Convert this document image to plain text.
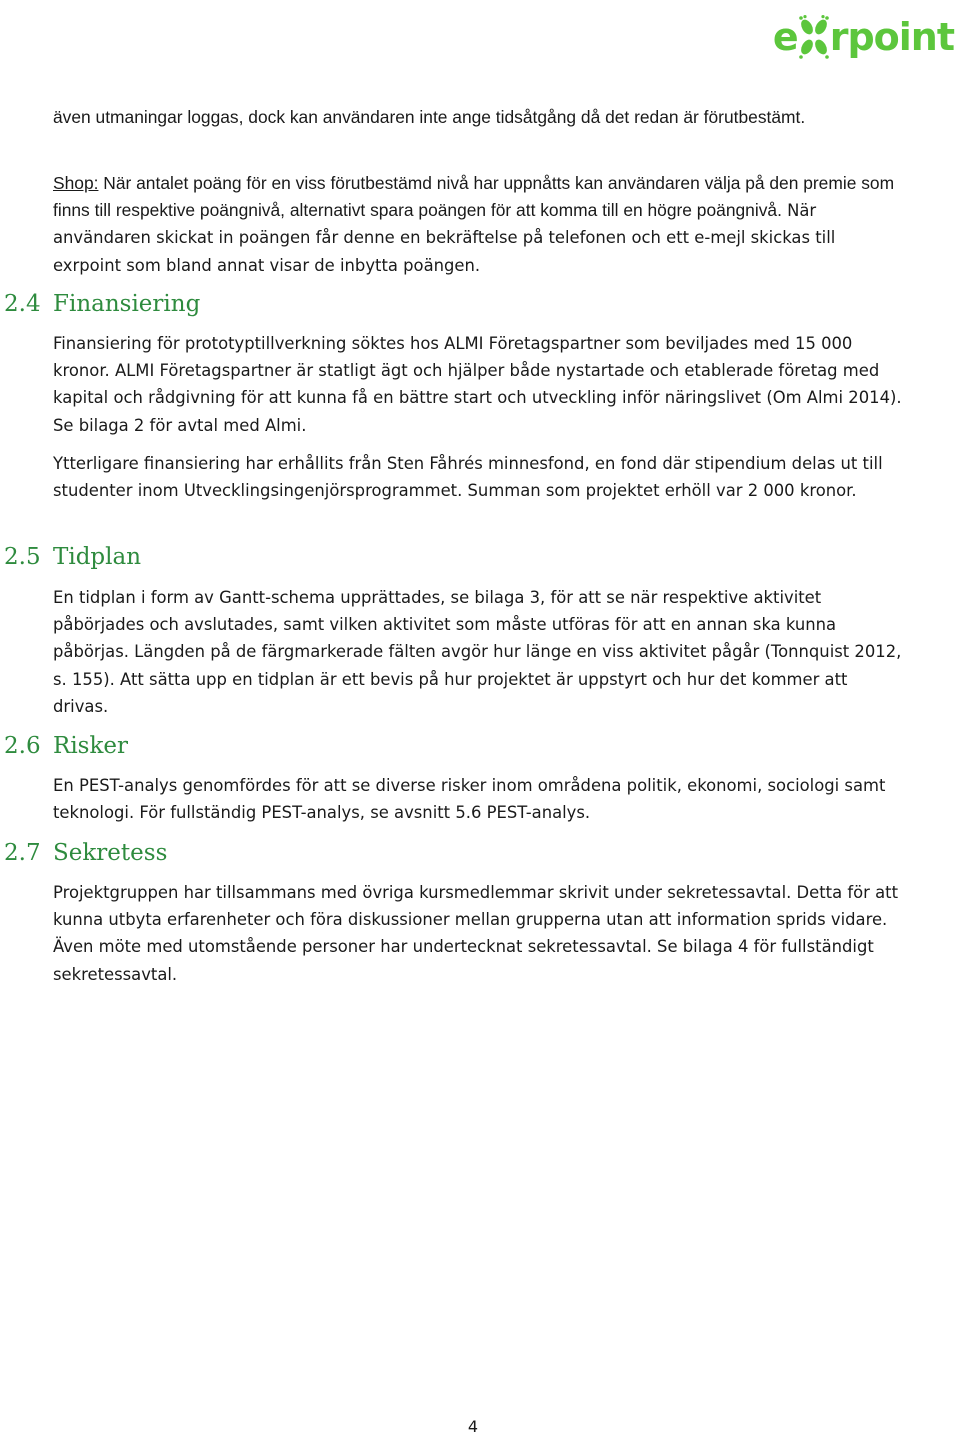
e rpoint

även utmaningar loggas, dock kan användaren inte ange tidsåtgång då det redan är förutbestämt.

Shop: När antalet poäng för en viss förutbestämd nivå har uppnåtts kan användaren välja på den premie som finns till respektive poängnivå, alternativt spara poängen för att komma till en högre poängnivå. När användaren skickat in poängen får denne en bekräftelse på telefonen och ett e-mejl skickas till exrpoint som bland annat visar de inbytta poängen.

2.4 Finansiering

Finansiering för prototyptillverkning söktes hos ALMI Företagspartner som beviljades med 15 000 kronor. ALMI Företagspartner är statligt ägt och hjälper både nystartade och etablerade företag med kapital och rådgivning för att kunna få en bättre start och utveckling inför näringslivet (Om Almi 2014). Se bilaga 2 för avtal med Almi.

Ytterligare finansiering har erhållits från Sten Fåhrés minnesfond, en fond där stipendium delas ut till studenter inom Utvecklingsingenjörsprogrammet. Summan som projektet erhöll var 2 000 kronor.

2.5 Tidplan

En tidplan i form av Gantt-schema upprättades, se bilaga 3, för att se när respektive aktivitet påbörjades och avslutades, samt vilken aktivitet som måste utföras för att en annan ska kunna påbörjas. Längden på de färgmarkerade fälten avgör hur länge en viss aktivitet pågår (Tonnquist 2012, s. 155). Att sätta upp en tidplan är ett bevis på hur projektet är uppstyrt och hur det kommer att drivas.

2.6 Risker

En PEST-analys genomfördes för att se diverse risker inom områdena politik, ekonomi, sociologi samt teknologi. För fullständig PEST-analys, se avsnitt 5.6 PEST-analys.

2.7 Sekretess

Projektgruppen har tillsammans med övriga kursmedlemmar skrivit under sekretessavtal. Detta för att kunna utbyta erfarenheter och föra diskussioner mellan grupperna utan att information sprids vidare. Även möte med utomstående personer har undertecknat sekretessavtal. Se bilaga 4 för fullständigt sekretessavtal.

4
